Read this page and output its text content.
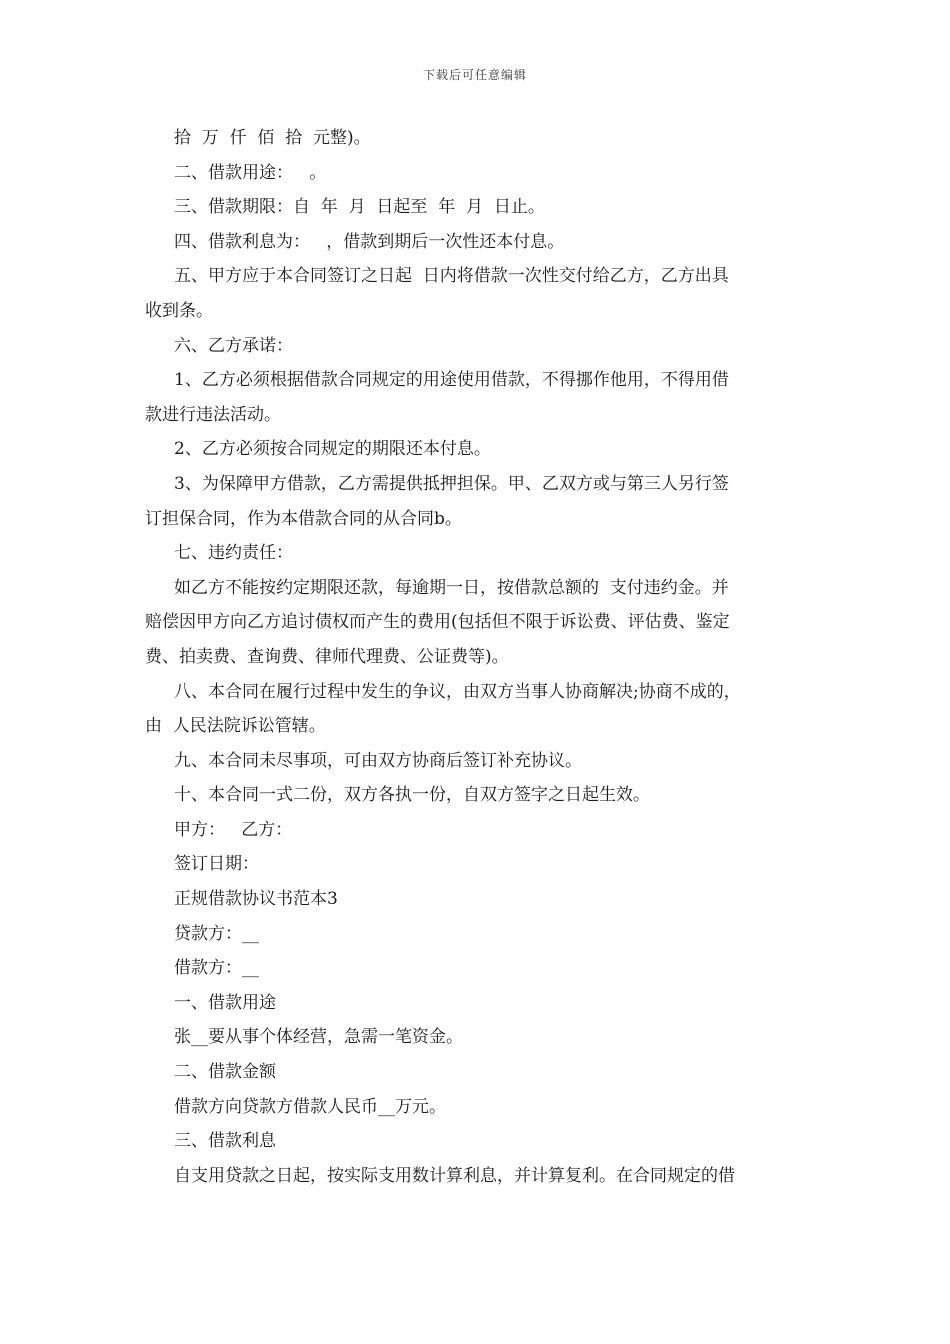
下载后可任意编辑
拾  万  仟  佰  拾  元整)。
二、借款用途：   。
三、借款期限：自  年  月  日起至  年  月  日止。
四、借款利息为：   ，借款到期后一次性还本付息。
五、甲方应于本合同签订之日起  日内将借款一次性交付给乙方，乙方出具
收到条。
六、乙方承诺：
1、乙方必须根据借款合同规定的用途使用借款，不得挪作他用，不得用借
款进行违法活动。
2、乙方必须按合同规定的期限还本付息。
3、为保障甲方借款，乙方需提供抵押担保。甲、乙双方或与第三人另行签
订担保合同，作为本借款合同的从合同b。
七、违约责任：
如乙方不能按约定期限还款，每逾期一日，按借款总额的  支付违约金。并
赔偿因甲方向乙方追讨债权而产生的费用(包括但不限于诉讼费、评估费、鉴定
费、拍卖费、查询费、律师代理费、公证费等)。
八、本合同在履行过程中发生的争议，由双方当事人协商解决;协商不成的，
由  人民法院诉讼管辖。
九、本合同未尽事项，可由双方协商后签订补充协议。
十、本合同一式二份，双方各执一份，自双方签字之日起生效。
甲方：   乙方：
签订日期：
正规借款协议书范本3
贷款方：__
借款方：__
一、借款用途
张__要从事个体经营，急需一笔资金。
二、借款金额
借款方向贷款方借款人民币__万元。
三、借款利息
自支用贷款之日起，按实际支用数计算利息，并计算复利。在合同规定的借
